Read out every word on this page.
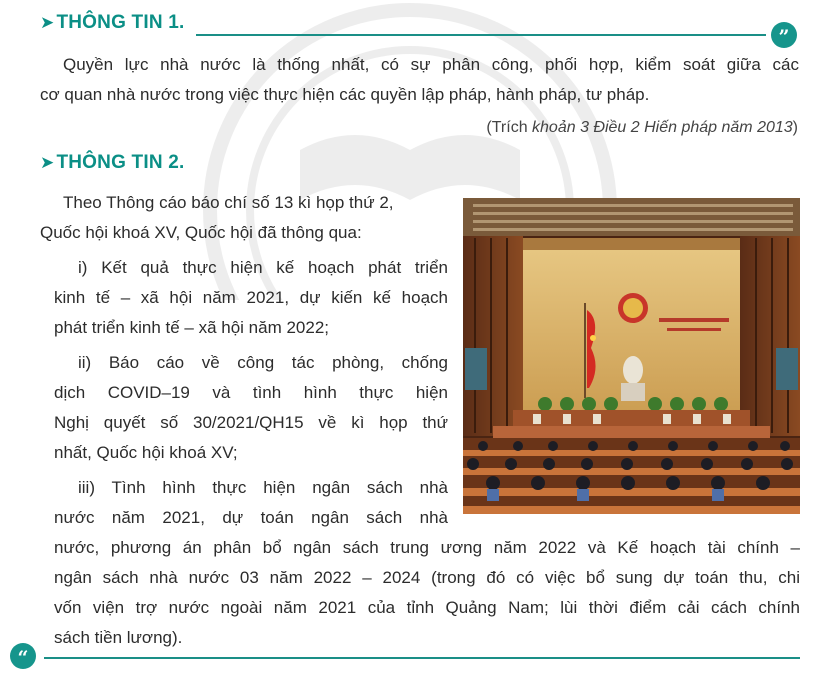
➤ THÔNG TIN 1.
”
Quyền lực nhà nước là thống nhất, có sự phân công, phối hợp, kiểm soát giữa các
cơ quan nhà nước trong việc thực hiện các quyền lập pháp, hành pháp, tư pháp.
(Trích khoản 3 Điều 2 Hiến pháp năm 2013)
➤ THÔNG TIN 2.
Theo Thông cáo báo chí số 13 kì họp thứ 2,
Quốc hội khoá XV, Quốc hội đã thông qua:
i) Kết quả thực hiện kế hoạch phát triển
kinh tế – xã hội năm 2021, dự kiến kế hoạch
phát triển kinh tế – xã hội năm 2022;
ii) Báo cáo về công tác phòng, chống
dịch COVID–19 và tình hình thực hiện
Nghị quyết số 30/2021/QH15 về kì họp thứ
nhất, Quốc hội khoá XV;
iii) Tình hình thực hiện ngân sách nhà
nước năm 2021, dự toán ngân sách nhà
nước, phương án phân bổ ngân sách trung ương năm 2022 và Kế hoạch tài chính –
ngân sách nhà nước 03 năm 2022 – 2024 (trong đó có việc bổ sung dự toán thu, chi
vốn viện trợ nước ngoài năm 2021 của tỉnh Quảng Nam; lùi thời điểm cải cách chính
sách tiền lương).
“
